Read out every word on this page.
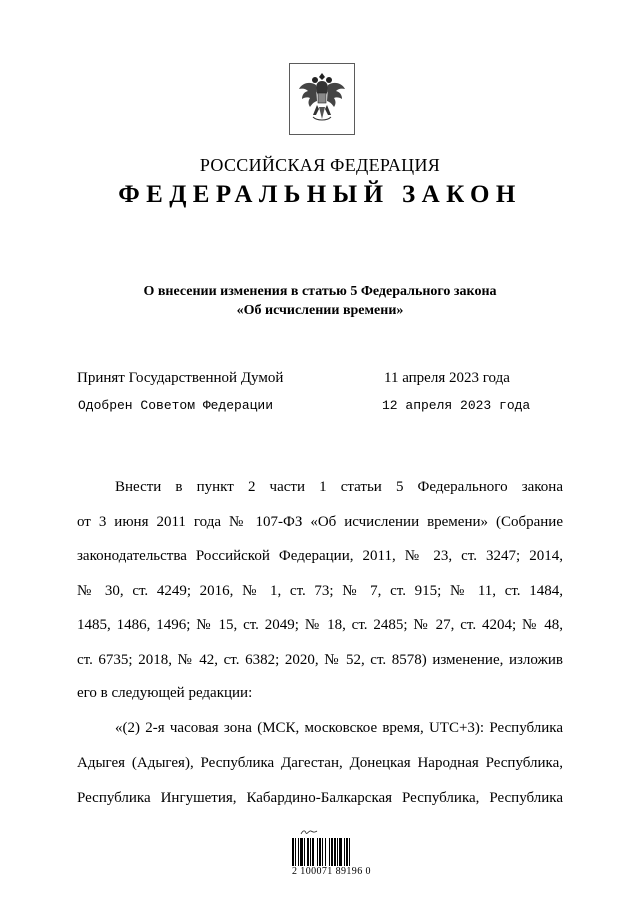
РОССИЙСКАЯ ФЕДЕРАЦИЯ
ФЕДЕРАЛЬНЫЙ ЗАКОН
О внесении изменения в статью 5 Федерального закона
«Об исчислении времени»
Принят Государственной Думой	11 апреля 2023 года
Одобрен Советом Федерации	12 апреля 2023 года
Внести в пункт 2 части 1 статьи 5 Федерального закона
от 3 июня 2011 года № 107-ФЗ «Об исчислении времени» (Собрание
законодательства Российской Федерации, 2011, № 23, ст. 3247; 2014,
№ 30, ст. 4249; 2016, № 1, ст. 73; № 7, ст. 915; № 11, ст. 1484,
1485, 1486, 1496; № 15, ст. 2049; № 18, ст. 2485; № 27, ст. 4204; № 48,
ст. 6735; 2018, № 42, ст. 6382; 2020, № 52, ст. 8578) изменение, изложив
его в следующей редакции:
«(2) 2-я часовая зона (МСК, московское время, UTC+3): Республика
Адыгея (Адыгея), Республика Дагестан, Донецкая Народная Республика,
Республика Ингушетия, Кабардино-Балкарская Республика, Республика
2 100071 89196 0
